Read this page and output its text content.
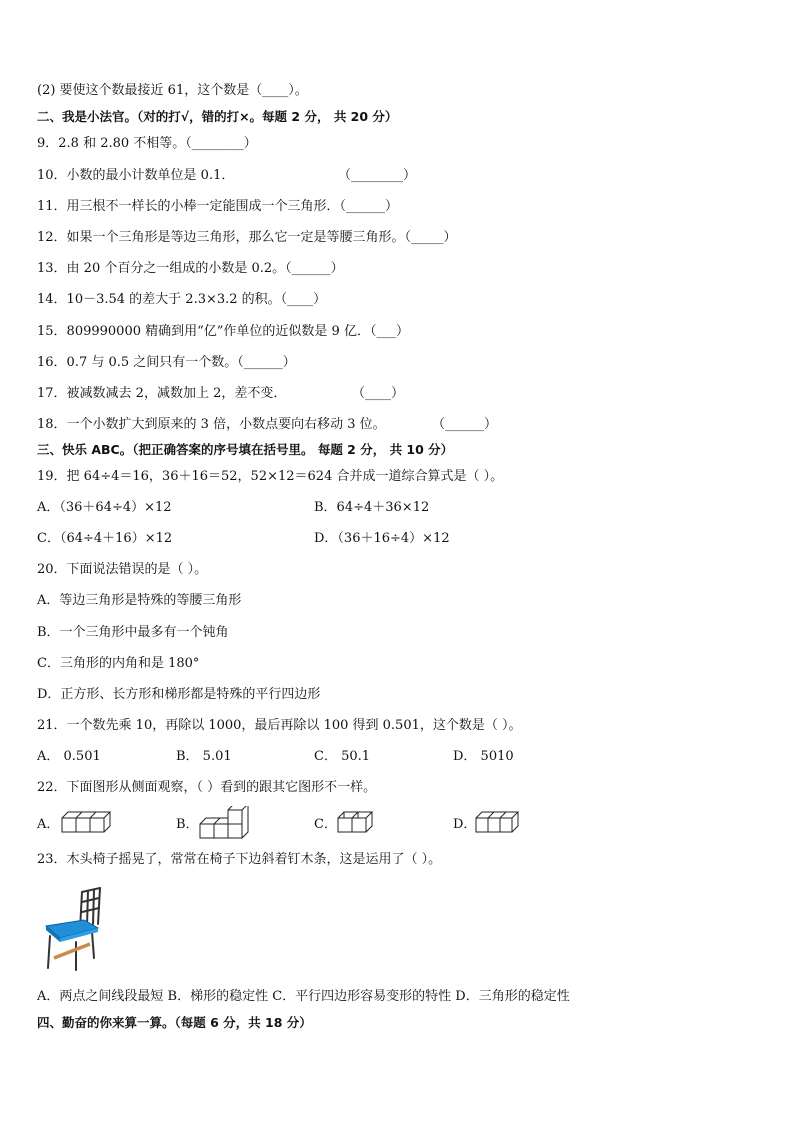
(2) 要使这个数最接近 61，这个数是（____）。
二、我是小法官。（对的打√，错的打×。每题 2 分， 共 20 分）
9．2.8 和 2.80 不相等。（________）
10．小数的最小计数单位是 0.1．	（________）
11．用三根不一样长的小棒一定能围成一个三角形．（______）
12．如果一个三角形是等边三角形，那么它一定是等腰三角形。（_____）
13．由 20 个百分之一组成的小数是 0.2。（______）
14．10－3.54 的差大于 2.3×3.2 的积。（____）
15．809990000 精确到用“亿”作单位的近似数是 9 亿．（___）
16．0.7 与 0.5 之间只有一个数。（______）
17．被减数减去 2，减数加上 2，差不变．	（____）
18．一个小数扩大到原来的 3 倍，小数点要向右移动 3 位。	（______）
三、快乐 ABC。（把正确答案的序号填在括号里。 每题 2 分， 共 10 分）
19．把 64÷4＝16，36＋16＝52，52×12＝624 合并成一道综合算式是（ ）。
A．（36＋64÷4）×12	B．64÷4＋36×12
C．（64÷4＋16）×12	D．（36＋16÷4）×12
20．下面说法错误的是（ ）。
A．等边三角形是特殊的等腰三角形
B．一个三角形中最多有一个钝角
C．三角形的内角和是 180°
D．正方形、长方形和梯形都是特殊的平行四边形
21．一个数先乘 10，再除以 1000，最后再除以 100 得到 0.501，这个数是（ ）。
A． 0.501	B． 5.01	C． 50.1	D． 5010
22．下面图形从侧面观察，（ ）看到的跟其它图形不一样。
A．	B．	C．	D．
23．木头椅子摇晃了，常常在椅子下边斜着钉木条，这是运用了（ ）。
A．两点之间线段最短 B．梯形的稳定性 C．平行四边形容易变形的特性 D．三角形的稳定性
四、勤奋的你来算一算。（每题 6 分，共 18 分）
